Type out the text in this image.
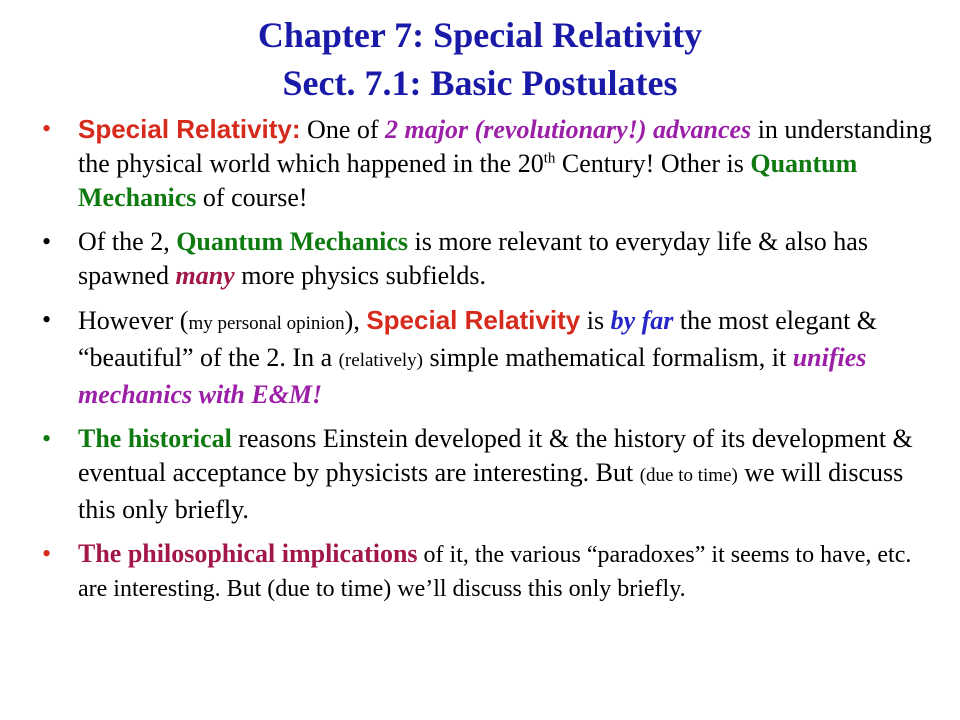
Chapter 7: Special Relativity
Sect. 7.1: Basic Postulates
• Special Relativity: One of 2 major (revolutionary!) advances in understanding the physical world which happened in the 20th Century! Other is Quantum Mechanics of course!
• Of the 2, Quantum Mechanics is more relevant to everyday life & also has spawned many more physics subfields.
• However (my personal opinion), Special Relativity is by far the most elegant & “beautiful” of the 2. In a (relatively) simple mathematical formalism, it unifies mechanics with E&M!
• The historical reasons Einstein developed it & the history of its development & eventual acceptance by physicists are interesting. But (due to time) we will discuss this only briefly.
• The philosophical implications of it, the various “paradoxes” it seems to have, etc. are interesting. But (due to time) we’ll discuss this only briefly.
